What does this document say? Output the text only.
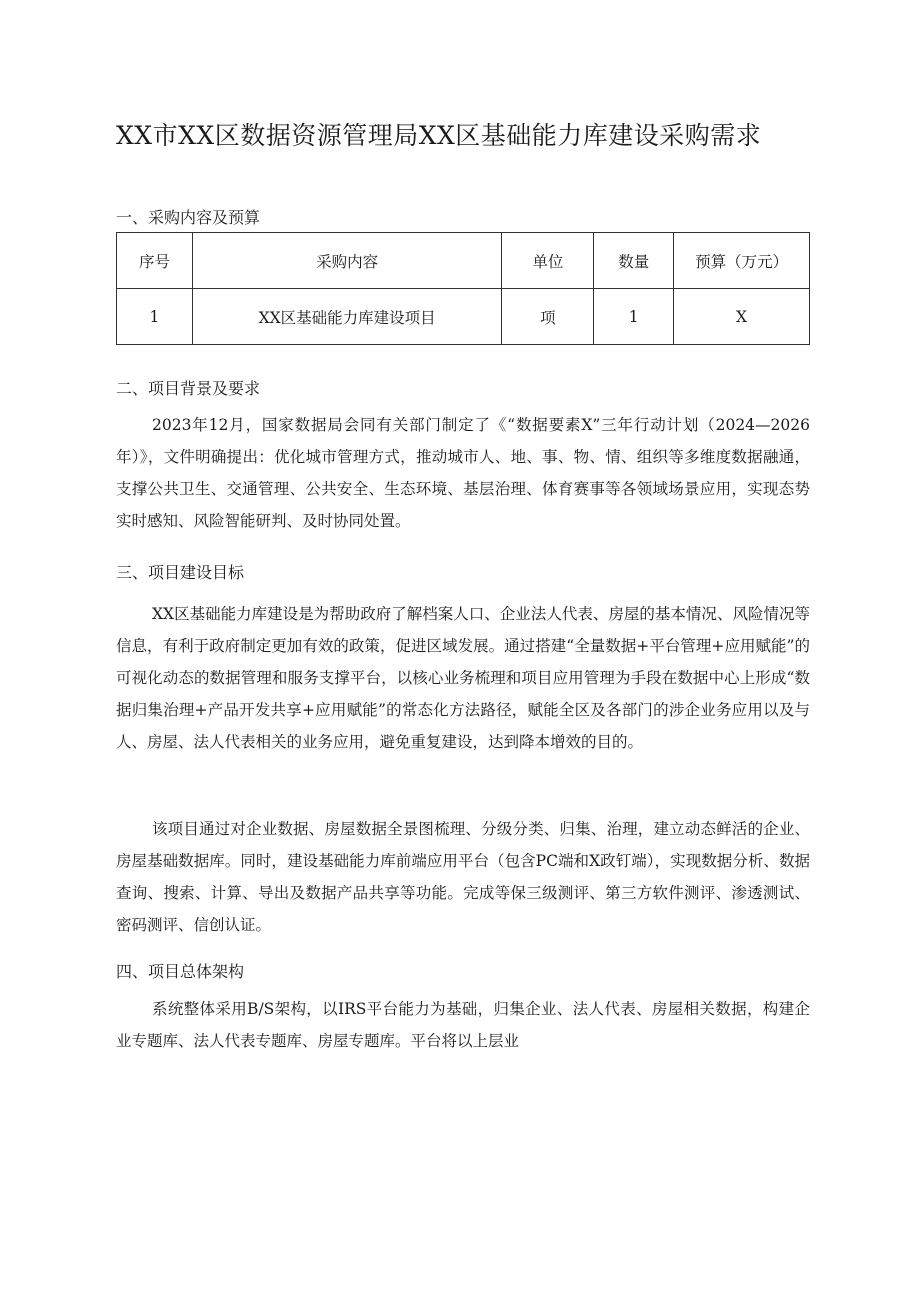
XX市XX区数据资源管理局XX区基础能力库建设采购需求
一、采购内容及预算
序号	采购内容	单位	数量	预算（万元）
1	XX区基础能力库建设项目	项	1	X
二、项目背景及要求

2023年12月，国家数据局会同有关部门制定了《“数据要素X”三年行动计划（2024—2026年）》，文件明确提出：优化城市管理方式，推动城市人、地、事、物、情、组织等多维度数据融通，支撑公共卫生、交通管理、公共安全、生态环境、基层治理、体育赛事等各领域场景应用，实现态势实时感知、风险智能研判、及时协同处置。

三、项目建设目标

XX区基础能力库建设是为帮助政府了解档案人口、企业法人代表、房屋的基本情况、风险情况等信息，有利于政府制定更加有效的政策，促进区域发展。通过搭建“全量数据+平台管理+应用赋能”的可视化动态的数据管理和服务支撑平台，以核心业务梳理和项目应用管理为手段在数据中心上形成“数据归集治理+产品开发共享+应用赋能”的常态化方法路径，赋能全区及各部门的涉企业务应用以及与人、房屋、法人代表相关的业务应用，避免重复建设，达到降本增效的目的。

该项目通过对企业数据、房屋数据全景图梳理、分级分类、归集、治理，建立动态鲜活的企业、房屋基础数据库。同时，建设基础能力库前端应用平台（包含PC端和X政钉端），实现数据分析、数据查询、搜索、计算、导出及数据产品共享等功能。完成等保三级测评、第三方软件测评、渗透测试、密码测评、信创认证。

四、项目总体架构

系统整体采用B/S架构，以IRS平台能力为基础，归集企业、法人代表、房屋相关数据，构建企业专题库、法人代表专题库、房屋专题库。平台将以上层业
